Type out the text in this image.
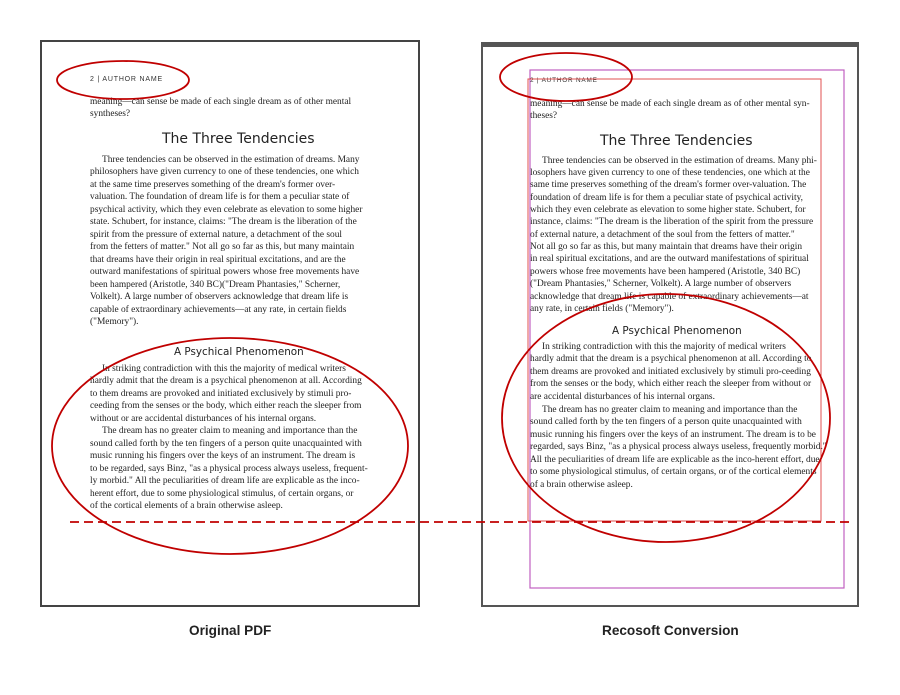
2 | AUTHOR NAME
meaning—can sense be made of each single dream as of other mental
syntheses?
The Three Tendencies
Three tendencies can be observed in the estimation of dreams. Many
philosophers have given currency to one of these tendencies, one which
at the same time preserves something of the dream's former over-
valuation. The foundation of dream life is for them a peculiar state of
psychical activity, which they even celebrate as elevation to some higher
state. Schubert, for instance, claims: "The dream is the liberation of the
spirit from the pressure of external nature, a detachment of the soul
from the fetters of matter." Not all go so far as this, but many maintain
that dreams have their origin in real spiritual excitations, and are the
outward manifestations of spiritual powers whose free movements have
been hampered (Aristotle, 340 BC)("Dream Phantasies," Scherner,
Volkelt). A large number of observers acknowledge that dream life is
capable of extraordinary achievements—at any rate, in certain fields
("Memory").
A Psychical Phenomenon
In striking contradiction with this the majority of medical writers
hardly admit that the dream is a psychical phenomenon at all. According
to them dreams are provoked and initiated exclusively by stimuli pro-
ceeding from the senses or the body, which either reach the sleeper from
without or are accidental disturbances of his internal organs.
The dream has no greater claim to meaning and importance than the
sound called forth by the ten fingers of a person quite unacquainted with
music running his fingers over the keys of an instrument. The dream is
to be regarded, says Binz, "as a physical process always useless, frequent-
ly morbid." All the peculiarities of dream life are explicable as the inco-
herent effort, due to some physiological stimulus, of certain organs, or
of the cortical elements of a brain otherwise asleep.
2 | AUTHOR NAME
meaning—can sense be made of each single dream as of other mental syn-
theses?
The Three Tendencies
Three tendencies can be observed in the estimation of dreams. Many phi-
losophers have given currency to one of these tendencies, one which at the
same time preserves something of the dream's former over-valuation. The
foundation of dream life is for them a peculiar state of psychical activity,
which they even celebrate as elevation to some higher state. Schubert, for
instance, claims: "The dream is the liberation of the spirit from the pressure
of external nature, a detachment of the soul from the fetters of matter."
Not all go so far as this, but many maintain that dreams have their origin
in real spiritual excitations, and are the outward manifestations of spiritual
powers whose free movements have been hampered (Aristotle, 340 BC)
("Dream Phantasies," Scherner, Volkelt). A large number of observers
acknowledge that dream life is capable of extraordinary achievements—at
any rate, in certain fields ("Memory").
A Psychical Phenomenon
In striking contradiction with this the majority of medical writers
hardly admit that the dream is a psychical phenomenon at all. According to
them dreams are provoked and initiated exclusively by stimuli pro-ceeding
from the senses or the body, which either reach the sleeper from without or
are accidental disturbances of his internal organs.
The dream has no greater claim to meaning and importance than the
sound called forth by the ten fingers of a person quite unacquainted with
music running his fingers over the keys of an instrument. The dream is to be
regarded, says Binz, "as a physical process always useless, frequently morbid."
All the peculiarities of dream life are explicable as the inco-herent effort, due
to some physiological stimulus, of certain organs, or of the cortical elements
of a brain otherwise asleep.
Original PDF	Recosoft Conversion
